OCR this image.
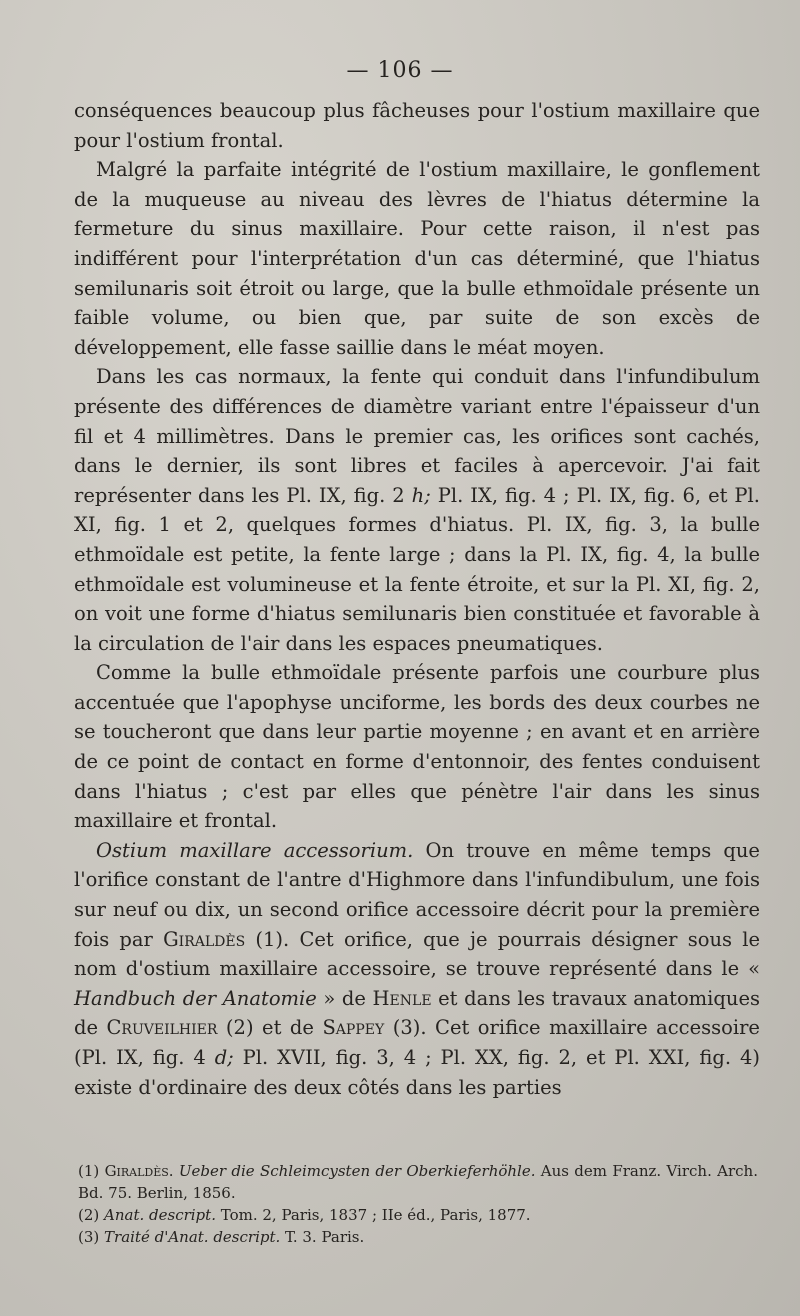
— 106 —

conséquences beaucoup plus fâcheuses pour l'ostium maxillaire que pour l'ostium frontal.

Malgré la parfaite intégrité de l'ostium maxillaire, le gonflement de la muqueuse au niveau des lèvres de l'hiatus détermine la fermeture du sinus maxillaire. Pour cette raison, il n'est pas indifférent pour l'interprétation d'un cas déterminé, que l'hiatus semilunaris soit étroit ou large, que la bulle ethmoïdale présente un faible volume, ou bien que, par suite de son excès de développement, elle fasse saillie dans le méat moyen.

Dans les cas normaux, la fente qui conduit dans l'infundibulum présente des différences de diamètre variant entre l'épaisseur d'un fil et 4 millimètres. Dans le premier cas, les orifices sont cachés, dans le dernier, ils sont libres et faciles à apercevoir. J'ai fait représenter dans les Pl. IX, fig. 2 h; Pl. IX, fig. 4 ; Pl. IX, fig. 6, et Pl. XI, fig. 1 et 2, quelques formes d'hiatus. Pl. IX, fig. 3, la bulle ethmoïdale est petite, la fente large ; dans la Pl. IX, fig. 4, la bulle ethmoïdale est volumineuse et la fente étroite, et sur la Pl. XI, fig. 2, on voit une forme d'hiatus semilunaris bien constituée et favorable à la circulation de l'air dans les espaces pneumatiques.

Comme la bulle ethmoïdale présente parfois une courbure plus accentuée que l'apophyse unciforme, les bords des deux courbes ne se toucheront que dans leur partie moyenne ; en avant et en arrière de ce point de contact en forme d'entonnoir, des fentes conduisent dans l'hiatus ; c'est par elles que pénètre l'air dans les sinus maxillaire et frontal.

Ostium maxillare accessorium. On trouve en même temps que l'orifice constant de l'antre d'Highmore dans l'infundibulum, une fois sur neuf ou dix, un second orifice accessoire décrit pour la première fois par Giraldès (1). Cet orifice, que je pourrais désigner sous le nom d'ostium maxillaire accessoire, se trouve représenté dans le « Handbuch der Anatomie » de Henle et dans les travaux anatomiques de Cruveilhier (2) et de Sappey (3). Cet orifice maxillaire accessoire (Pl. IX, fig. 4 d; Pl. XVII, fig. 3, 4 ; Pl. XX, fig. 2, et Pl. XXI, fig. 4) existe d'ordinaire des deux côtés dans les parties

(1) Giraldès. Ueber die Schleimcysten der Oberkieferhöhle. Aus dem Franz. Virch. Arch. Bd. 75. Berlin, 1856.

(2) Anat. descript. Tom. 2, Paris, 1837 ; IIe éd., Paris, 1877.

(3) Traité d'Anat. descript. T. 3. Paris.
